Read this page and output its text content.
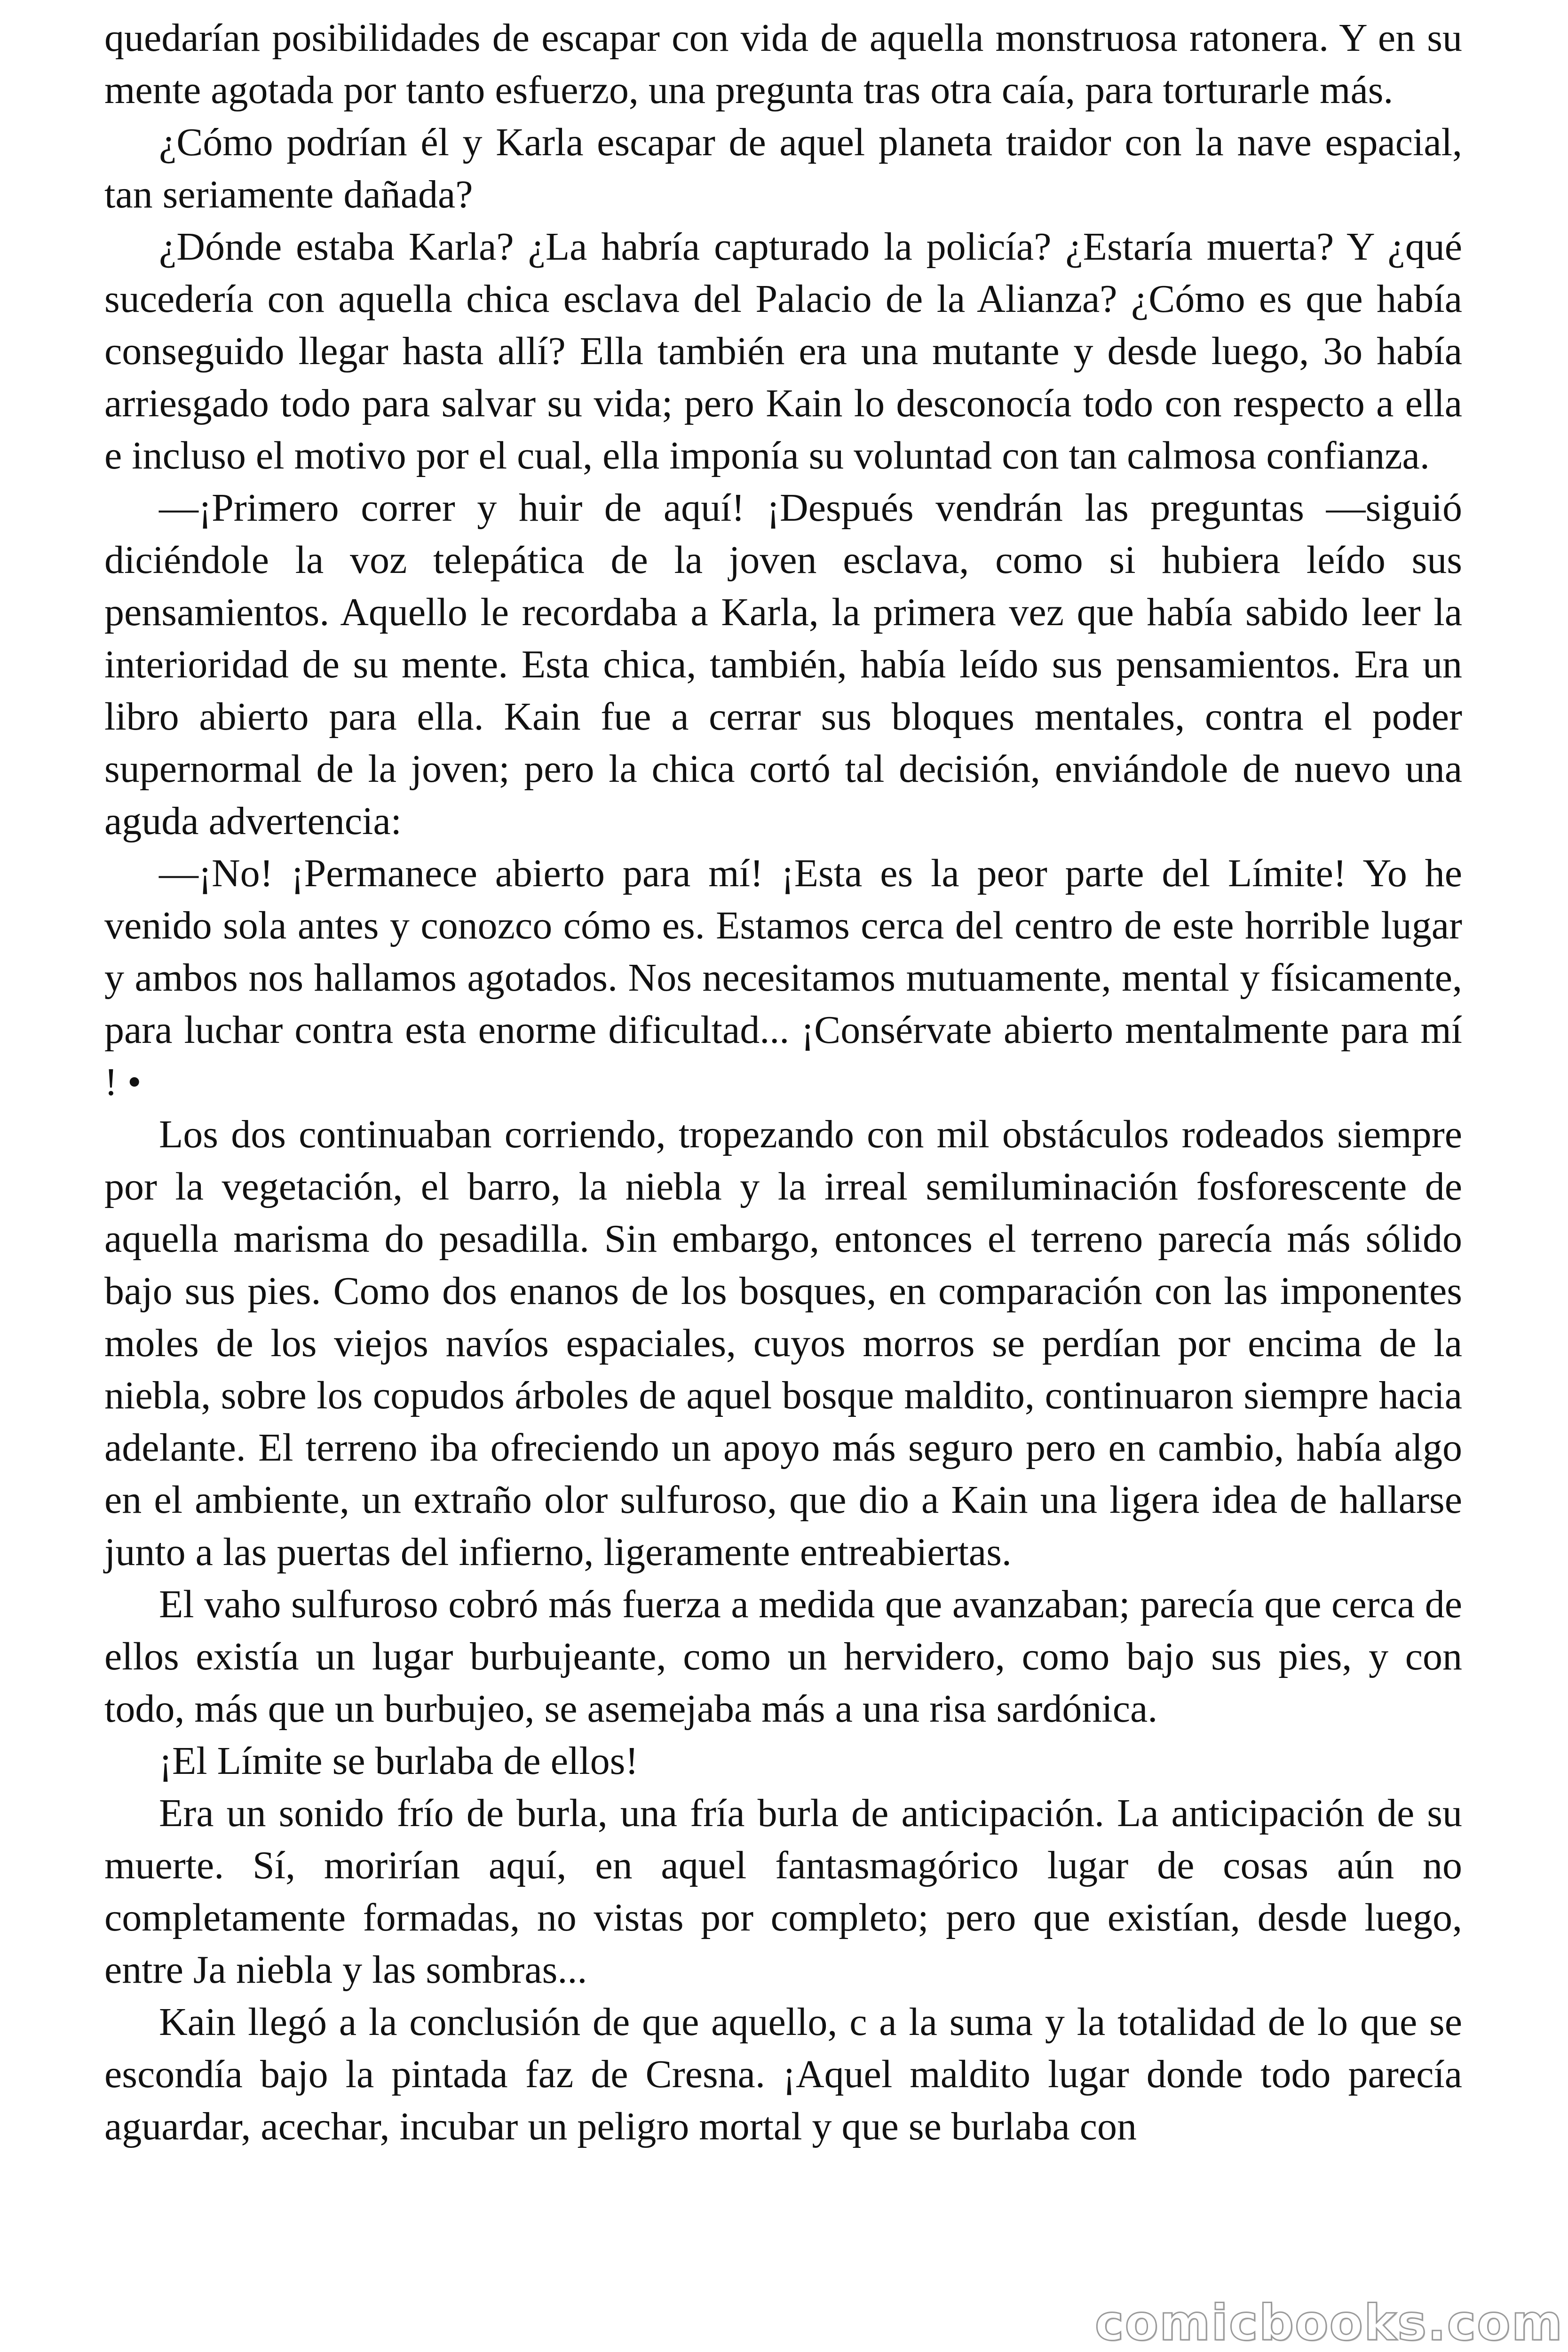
quedarían posibilidades de escapar con vida de aquella monstruosa ratonera. Y en su mente agotada por tanto esfuerzo, una pregunta tras otra caía, para torturarle más.

¿Cómo podrían él y Karla escapar de aquel planeta traidor con la nave espacial, tan seriamente dañada?

¿Dónde estaba Karla? ¿La habría capturado la policía? ¿Estaría muerta? Y ¿qué sucedería con aquella chica esclava del Palacio de la Alianza? ¿Cómo es que había conseguido llegar hasta allí? Ella también era una mutante y desde luego, 3o había arriesgado todo para salvar su vida; pero Kain lo desconocía todo con respecto a ella e incluso el motivo por el cual, ella imponía su voluntad con tan calmosa confianza.

—¡Primero correr y huir de aquí! ¡Después vendrán las preguntas —siguió diciéndole la voz telepática de la joven esclava, como si hubiera leído sus pensamientos. Aquello le recordaba a Karla, la primera vez que había sabido leer la interioridad de su mente. Esta chica, también, había leído sus pensamientos. Era un libro abierto para ella. Kain fue a cerrar sus bloques mentales, contra el poder supernormal de la joven; pero la chica cortó tal decisión, enviándole de nuevo una aguda advertencia:

—¡No! ¡Permanece abierto para mí! ¡Esta es la peor parte del Límite! Yo he venido sola antes y conozco cómo es. Estamos cerca del centro de este horrible lugar y ambos nos hallamos agotados. Nos necesitamos mutuamente, mental y físicamente, para luchar contra esta enorme dificultad... ¡Consérvate abierto mentalmente para mí ! •

Los dos continuaban corriendo, tropezando con mil obstáculos rodeados siempre por la vegetación, el barro, la niebla y la irreal semiluminación fosforescente de aquella marisma do pesadilla. Sin embargo, entonces el terreno parecía más sólido bajo sus pies. Como dos enanos de los bosques, en comparación con las imponentes moles de los viejos navíos espaciales, cuyos morros se perdían por encima de la niebla, sobre los copudos árboles de aquel bosque maldito, continuaron siempre hacia adelante. El terreno iba ofreciendo un apoyo más seguro pero en cambio, había algo en el ambiente, un extraño olor sulfuroso, que dio a Kain una ligera idea de hallarse junto a las puertas del infierno, ligeramente entreabiertas.

El vaho sulfuroso cobró más fuerza a medida que avanzaban; parecía que cerca de ellos existía un lugar burbujeante, como un hervidero, como bajo sus pies, y con todo, más que un burbujeo, se asemejaba más a una risa sardónica.

¡El Límite se burlaba de ellos!

Era un sonido frío de burla, una fría burla de anticipación. La anticipación de su muerte. Sí, morirían aquí, en aquel fantasmagórico lugar de cosas aún no completamente formadas, no vistas por completo; pero que existían, desde luego, entre Ja niebla y las sombras...

Kain llegó a la conclusión de que aquello, c a la suma y la totalidad de lo que se escondía bajo la pintada faz de Cresna. ¡Aquel maldito lugar donde todo parecía aguardar, acechar, incubar un peligro mortal y que se burlaba con

comicbooks.com
